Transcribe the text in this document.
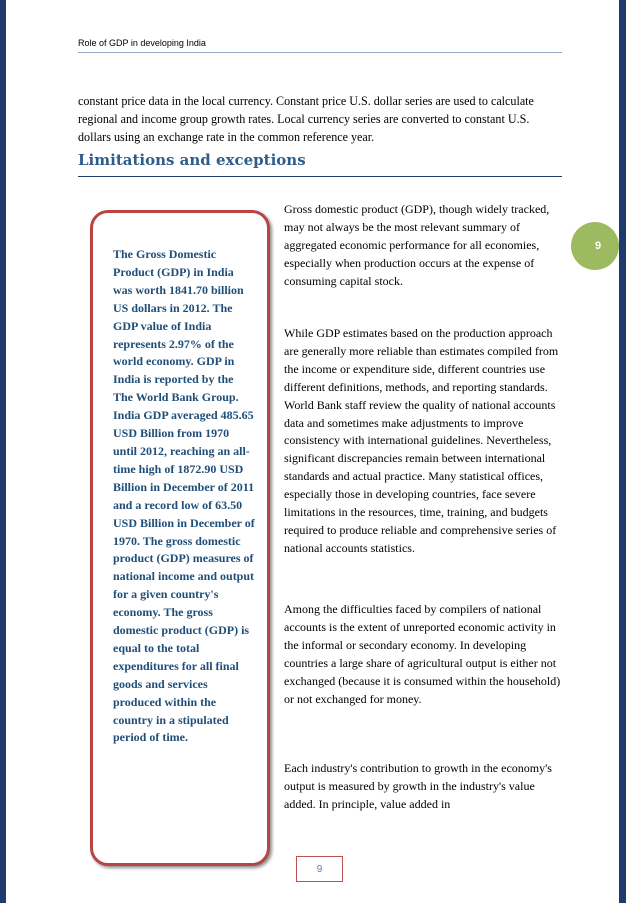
Role of GDP in developing India
constant price data in the local currency. Constant price U.S. dollar series are used to calculate regional and income group growth rates. Local currency series are converted to constant U.S. dollars using an exchange rate in the common reference year.
Limitations and exceptions
The Gross Domestic Product (GDP) in India was worth 1841.70 billion US dollars in 2012. The GDP value of India represents 2.97% of the world economy. GDP in India is reported by the The World Bank Group. India GDP averaged 485.65 USD Billion from 1970 until 2012, reaching an all-time high of 1872.90 USD Billion in December of 2011 and a record low of 63.50 USD Billion in December of 1970. The gross domestic product (GDP) measures of national income and output for a given country's economy. The gross domestic product (GDP) is equal to the total expenditures for all final goods and services produced within the country in a stipulated period of time.
Gross domestic product (GDP), though widely tracked, may not always be the most relevant summary of aggregated economic performance for all economies, especially when production occurs at the expense of consuming capital stock.
While GDP estimates based on the production approach are generally more reliable than estimates compiled from the income or expenditure side, different countries use different definitions, methods, and reporting standards. World Bank staff review the quality of national accounts data and sometimes make adjustments to improve consistency with international guidelines. Nevertheless, significant discrepancies remain between international standards and actual practice. Many statistical offices, especially those in developing countries, face severe limitations in the resources, time, training, and budgets required to produce reliable and comprehensive series of national accounts statistics.
Among the difficulties faced by compilers of national accounts is the extent of unreported economic activity in the informal or secondary economy. In developing countries a large share of agricultural output is either not exchanged (because it is consumed within the household) or not exchanged for money.
Each industry's contribution to growth in the economy's output is measured by growth in the industry's value added. In principle, value added in
9
9
